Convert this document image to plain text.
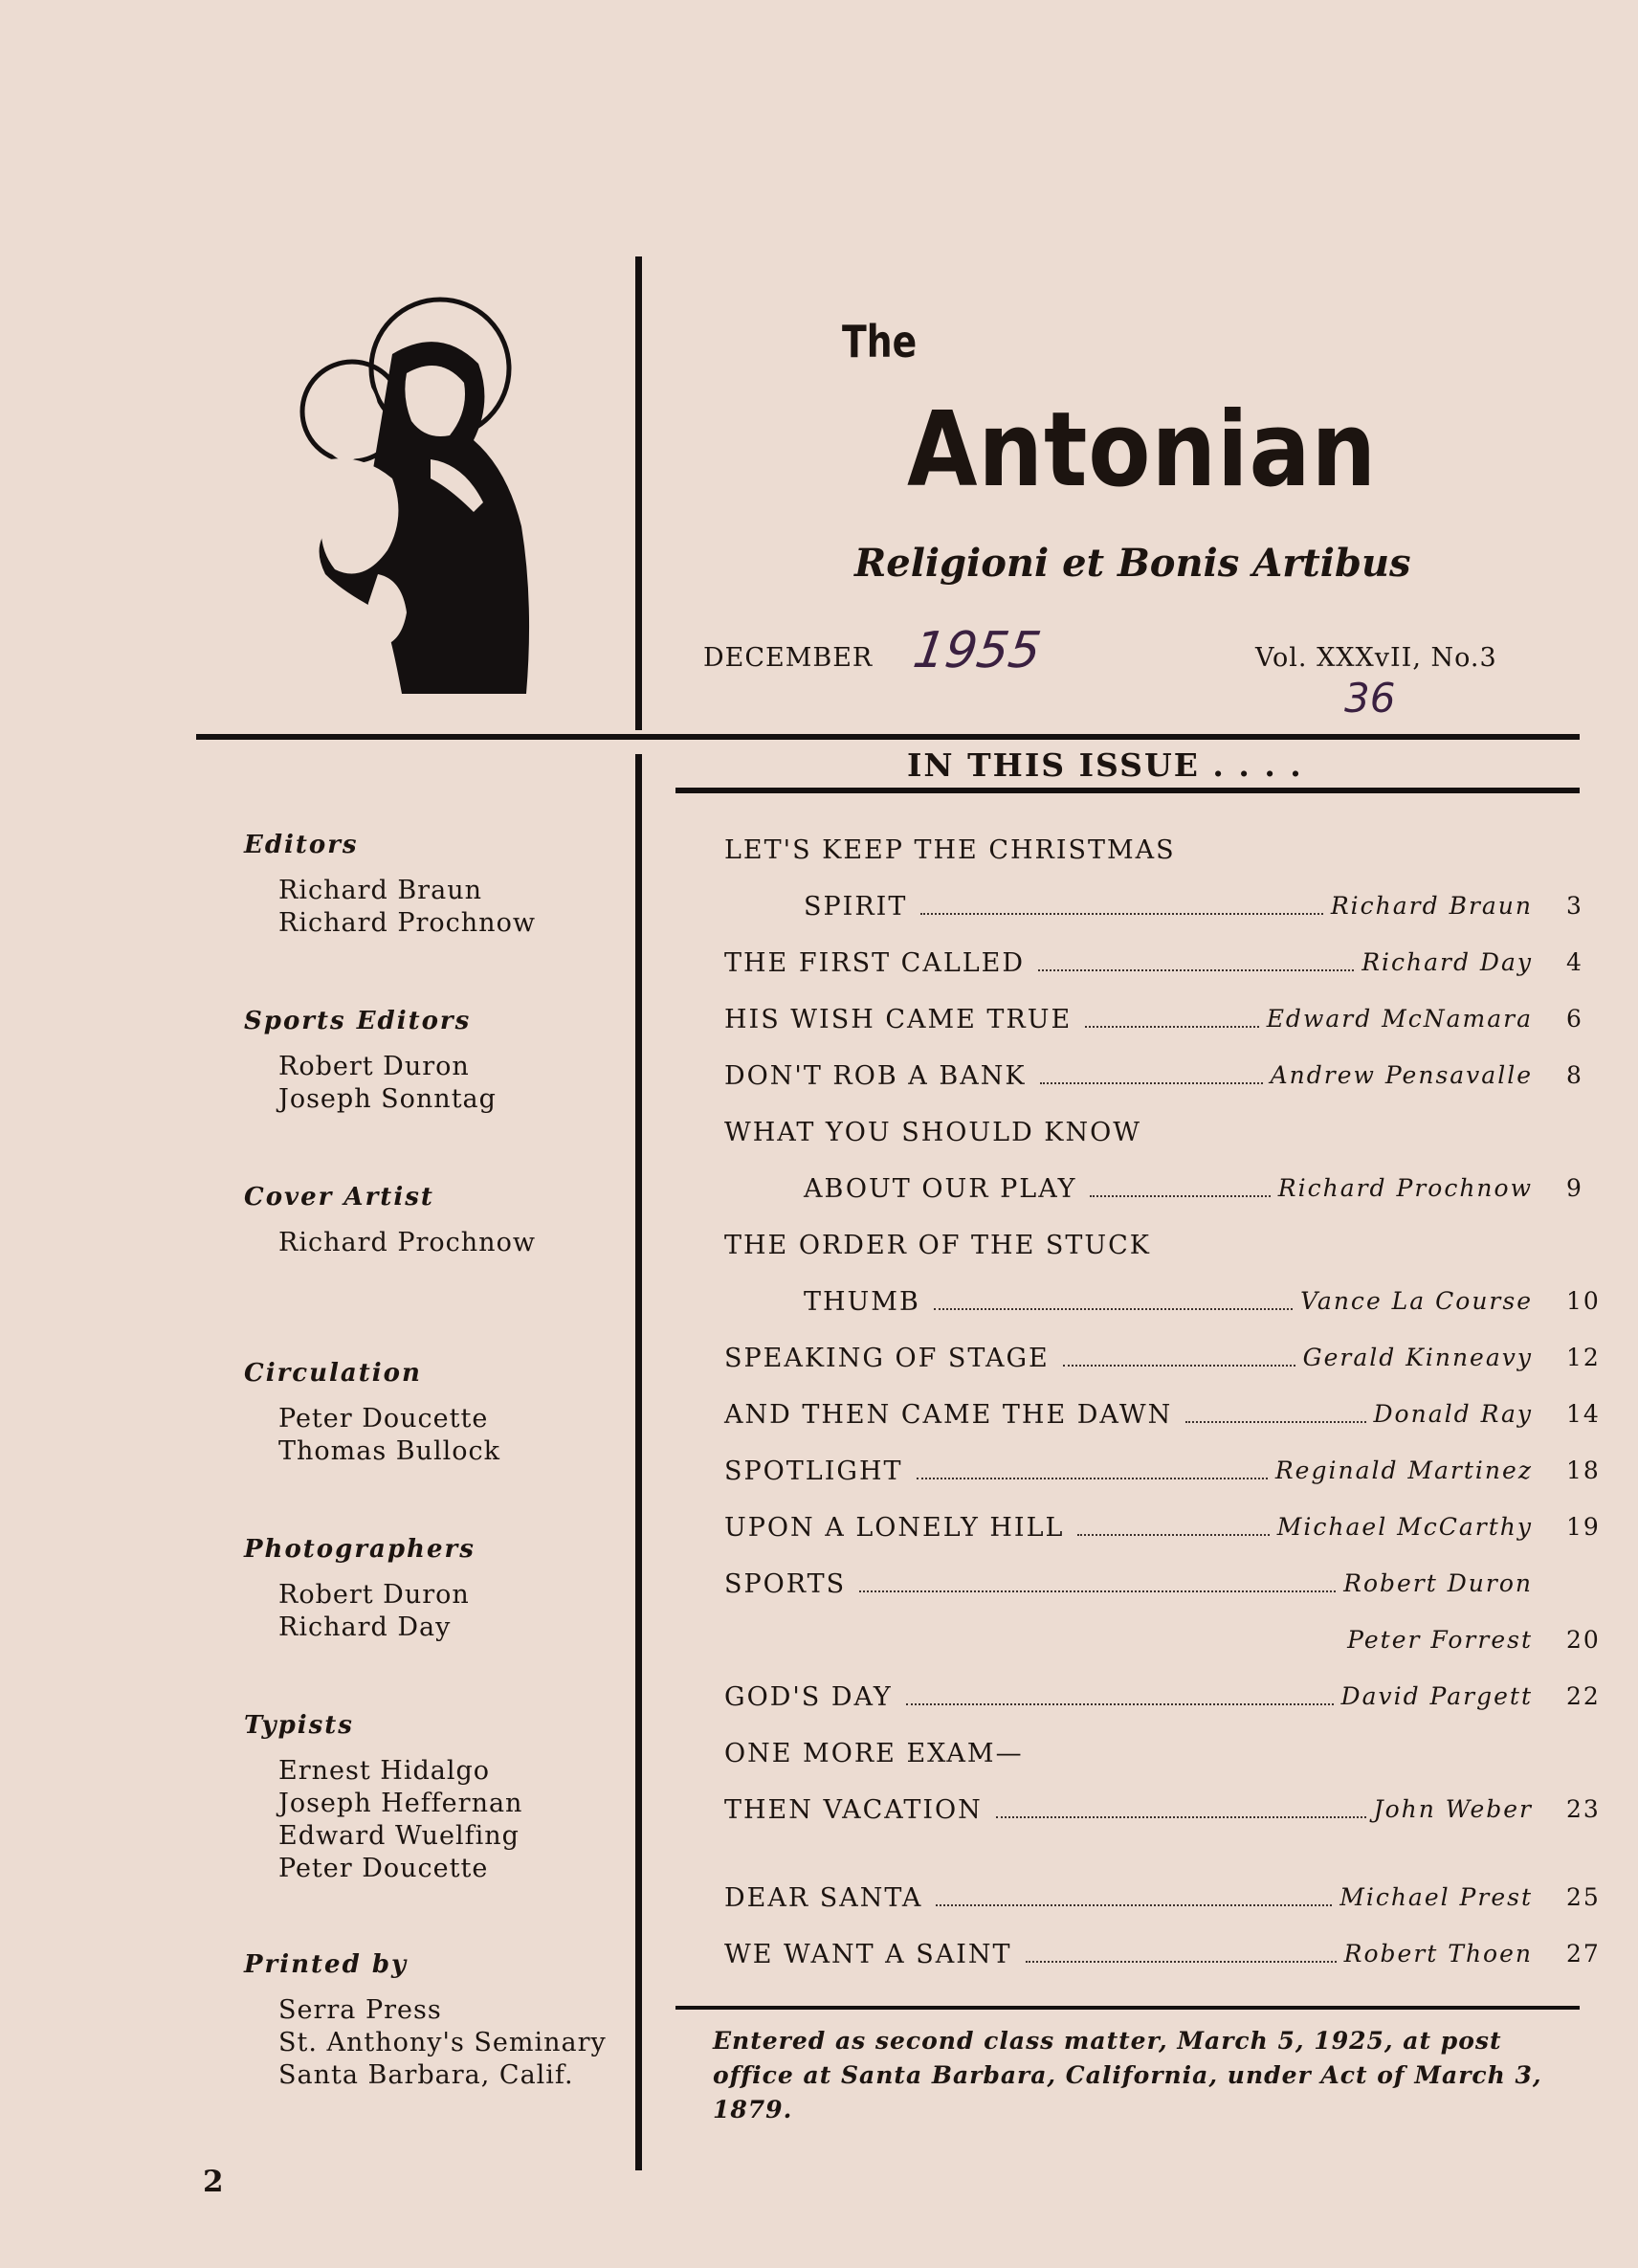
The
Antonian
Religioni et Bonis Artibus
DECEMBER 1955	Vol. XXXvII, No.3
36
IN THIS ISSUE . . . .
Editors
Richard Braun
Richard Prochnow
Sports Editors
Robert Duron
Joseph Sonntag
Cover Artist
Richard Prochnow
Circulation
Peter Doucette
Thomas Bullock
Photographers
Robert Duron
Richard Day
Typists
Ernest Hidalgo
Joseph Heffernan
Edward Wuelfing
Peter Doucette
Printed by
Serra Press
St. Anthony's Seminary
Santa Barbara, Calif.
LET'S KEEP THE CHRISTMAS
SPIRIT	Richard Braun 3
THE FIRST CALLED	Richard Day 4
HIS WISH CAME TRUE	Edward McNamara 6
DON'T ROB A BANK	Andrew Pensavalle 8
WHAT YOU SHOULD KNOW
ABOUT OUR PLAY	Richard Prochnow 9
THE ORDER OF THE STUCK
THUMB	Vance La Course 10
SPEAKING OF STAGE	Gerald Kinneavy 12
AND THEN CAME THE DAWN	Donald Ray 14
SPOTLIGHT	Reginald Martinez 18
UPON A LONELY HILL	Michael McCarthy 19
SPORTS	Robert Duron
Peter Forrest 20
GOD'S DAY	David Pargett 22
ONE MORE EXAM—
THEN VACATION	John Weber 23
DEAR SANTA	Michael Prest 25
WE WANT A SAINT	Robert Thoen 27
Entered as second class matter, March 5, 1925, at post office at Santa Barbara, California, under Act of March 3, 1879.
2
